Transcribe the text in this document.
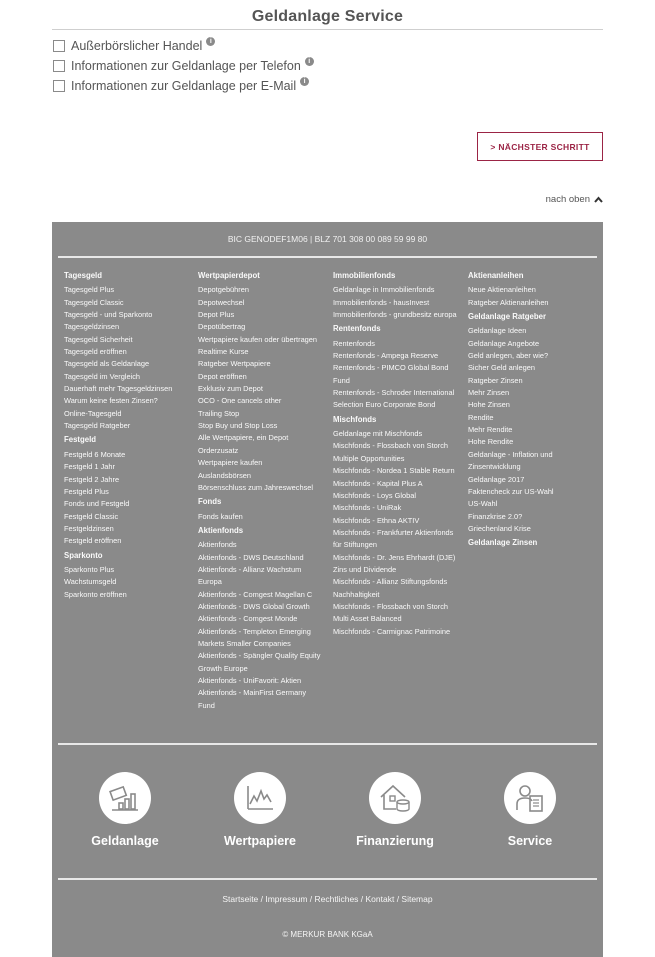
Geldanlage Service
Außerbörslicher Handel	i
Informationen zur Geldanlage per Telefon	i
Informationen zur Geldanlage per E-Mail	i
> NÄCHSTER SCHRITT
nach oben
BIC GENODEF1M06 | BLZ 701 308 00 089 59 99 80
Tagesgeld
Tagesgeld Plus
Tagesgeld Classic
Tagesgeld - und Sparkonto
Tagesgeldzinsen
Tagesgeld Sicherheit
Tagesgeld eröffnen
Tagesgeld als Geldanlage
Tagesgeld im Vergleich
Dauerhaft mehr Tagesgeldzinsen
Warum keine festen Zinsen?
Online-Tagesgeld
Tagesgeld Ratgeber
Festgeld
Festgeld 6 Monate
Festgeld 1 Jahr
Festgeld 2 Jahre
Festgeld Plus
Fonds und Festgeld
Festgeld Classic
Festgeldzinsen
Festgeld eröffnen
Sparkonto
Sparkonto Plus
Wachstumsgeld
Sparkonto eröffnen
Wertpapierdepot
Depotgebühren
Depotwechsel
Depot Plus
Depotübertrag
Wertpapiere kaufen oder übertragen
Realtime Kurse
Ratgeber Wertpapiere
Depot eröffnen
Exklusiv zum Depot
OCO - One cancels other
Trailing Stop
Stop Buy und Stop Loss
Alle Wertpapiere, ein Depot
Orderzusatz
Wertpapiere kaufen
Auslandsbörsen
Börsenschluss zum Jahreswechsel
Fonds
Fonds kaufen
Aktienfonds
Aktienfonds
Aktienfonds - DWS Deutschland
Aktienfonds - Allianz Wachstum Europa
Aktienfonds - Comgest Magellan C
Aktienfonds - DWS Global Growth
Aktienfonds - Comgest Monde
Aktienfonds - Templeton Emerging Markets Smaller Companies
Aktienfonds - Spängler Quality Equity Growth Europe
Aktienfonds - UniFavorit: Aktien
Aktienfonds - MainFirst Germany Fund
Immobilienfonds
Geldanlage in Immobilienfonds
Immobilienfonds - hausInvest
Immobilienfonds - grundbesitz europa
Rentenfonds
Rentenfonds
Rentenfonds - Ampega Reserve
Rentenfonds - PIMCO Global Bond Fund
Rentenfonds - Schroder International Selection Euro Corporate Bond
Mischfonds
Geldanlage mit Mischfonds
Mischfonds - Flossbach von Storch Multiple Opportunities
Mischfonds - Nordea 1 Stable Return
Mischfonds - Kapital Plus A
Mischfonds - Loys Global
Mischfonds - UniRak
Mischfonds - Ethna AKTIV
Mischfonds - Frankfurter Aktienfonds für Stiftungen
Mischfonds - Dr. Jens Ehrhardt (DJE) Zins und Dividende
Mischfonds - Allianz Stiftungsfonds Nachhaltigkeit
Mischfonds - Flossbach von Storch Multi Asset Balanced
Mischfonds - Carmignac Patrimoine
Aktienanleihen
Neue Aktienanleihen
Ratgeber Aktienanleihen
Geldanlage Ratgeber
Geldanlage Ideen
Geldanlage Angebote
Geld anlegen, aber wie?
Sicher Geld anlegen
Ratgeber Zinsen
Mehr Zinsen
Hohe Zinsen
Rendite
Mehr Rendite
Hohe Rendite
Geldanlage - Inflation und Zinsentwicklung
Geldanlage 2017
Faktencheck zur US-Wahl
US-Wahl
Finanzkrise 2.0?
Griechenland Krise
Geldanlage Zinsen
Geldanlage	Wertpapiere	Finanzierung	Service
Startseite / Impressum / Rechtliches / Kontakt / Sitemap
© MERKUR BANK KGaA
